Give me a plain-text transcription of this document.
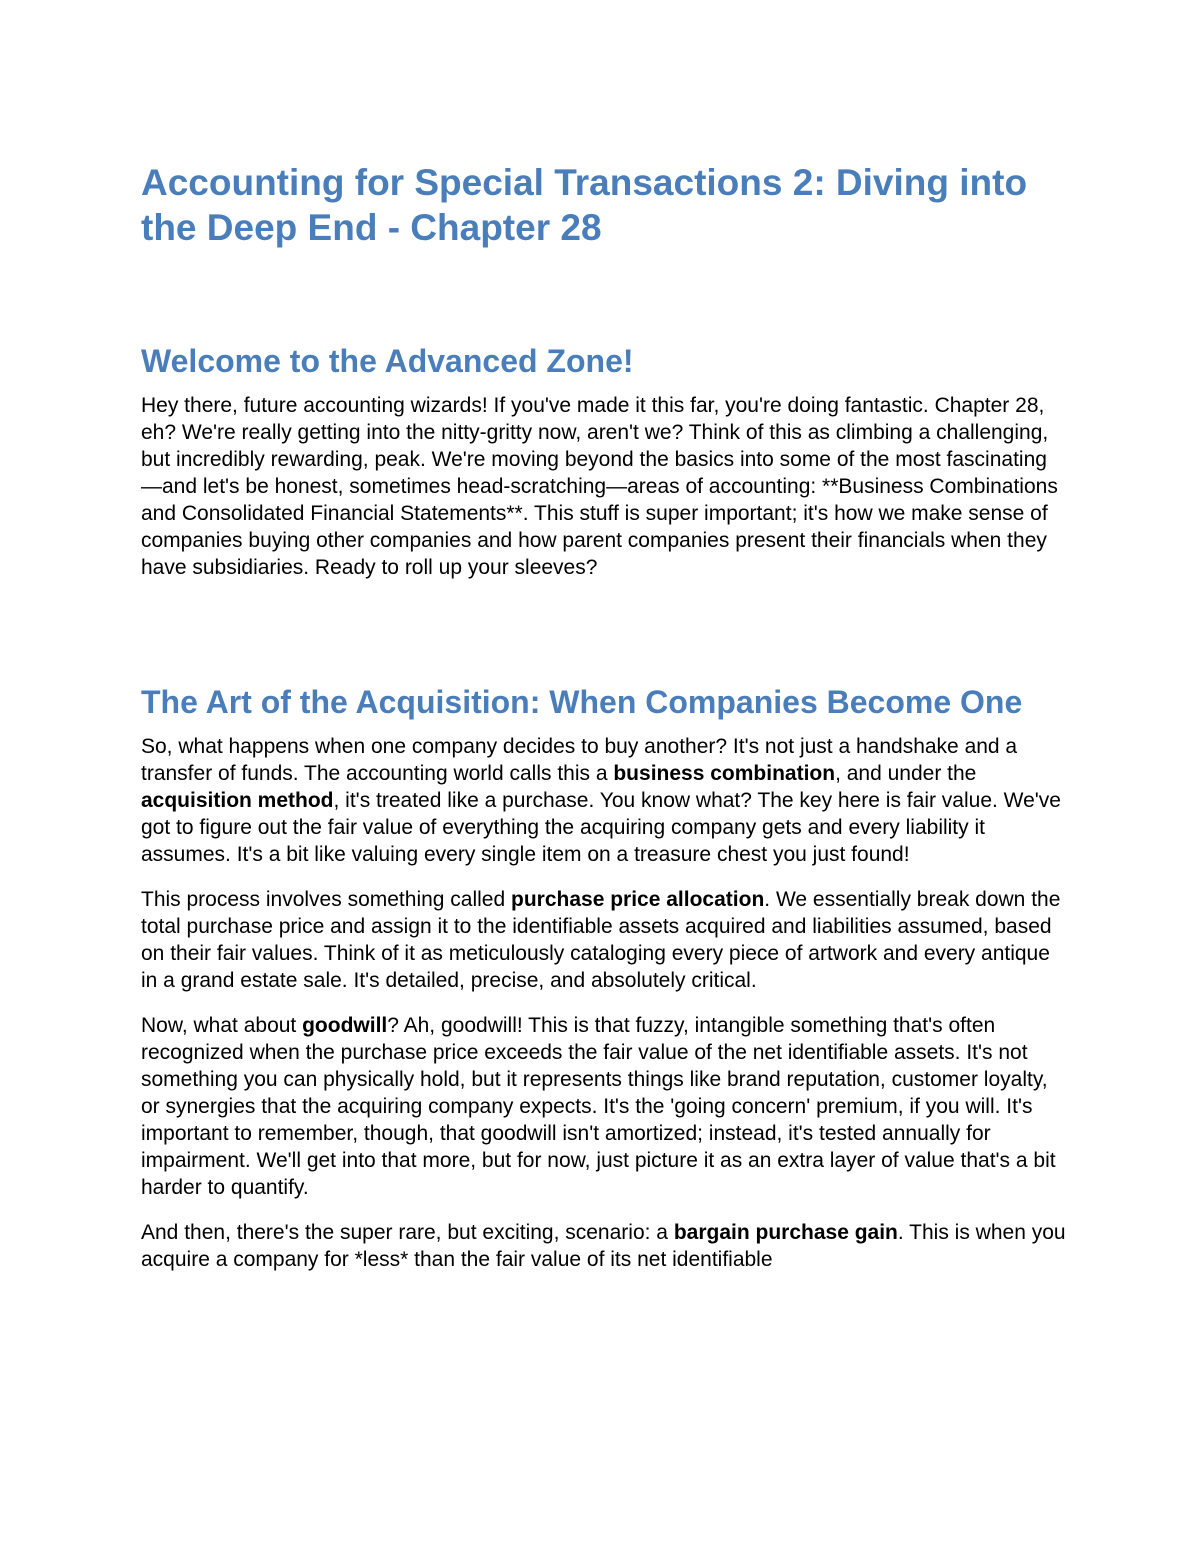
Accounting for Special Transactions 2: Diving into the Deep End - Chapter 28
Welcome to the Advanced Zone!

Hey there, future accounting wizards! If you've made it this far, you're doing fantastic. Chapter 28, eh? We're really getting into the nitty-gritty now, aren't we? Think of this as climbing a challenging, but incredibly rewarding, peak. We're moving beyond the basics into some of the most fascinating—and let's be honest, sometimes head-scratching—areas of accounting: **Business Combinations and Consolidated Financial Statements**. This stuff is super important; it's how we make sense of companies buying other companies and how parent companies present their financials when they have subsidiaries. Ready to roll up your sleeves?

The Art of the Acquisition: When Companies Become One

So, what happens when one company decides to buy another? It's not just a handshake and a transfer of funds. The accounting world calls this a business combination, and under the acquisition method, it's treated like a purchase. You know what? The key here is fair value. We've got to figure out the fair value of everything the acquiring company gets and every liability it assumes. It's a bit like valuing every single item on a treasure chest you just found!

This process involves something called purchase price allocation. We essentially break down the total purchase price and assign it to the identifiable assets acquired and liabilities assumed, based on their fair values. Think of it as meticulously cataloging every piece of artwork and every antique in a grand estate sale. It's detailed, precise, and absolutely critical.

Now, what about goodwill? Ah, goodwill! This is that fuzzy, intangible something that's often recognized when the purchase price exceeds the fair value of the net identifiable assets. It's not something you can physically hold, but it represents things like brand reputation, customer loyalty, or synergies that the acquiring company expects. It's the 'going concern' premium, if you will. It's important to remember, though, that goodwill isn't amortized; instead, it's tested annually for impairment. We'll get into that more, but for now, just picture it as an extra layer of value that's a bit harder to quantify.

And then, there's the super rare, but exciting, scenario: a bargain purchase gain. This is when you acquire a company for *less* than the fair value of its net identifiable
